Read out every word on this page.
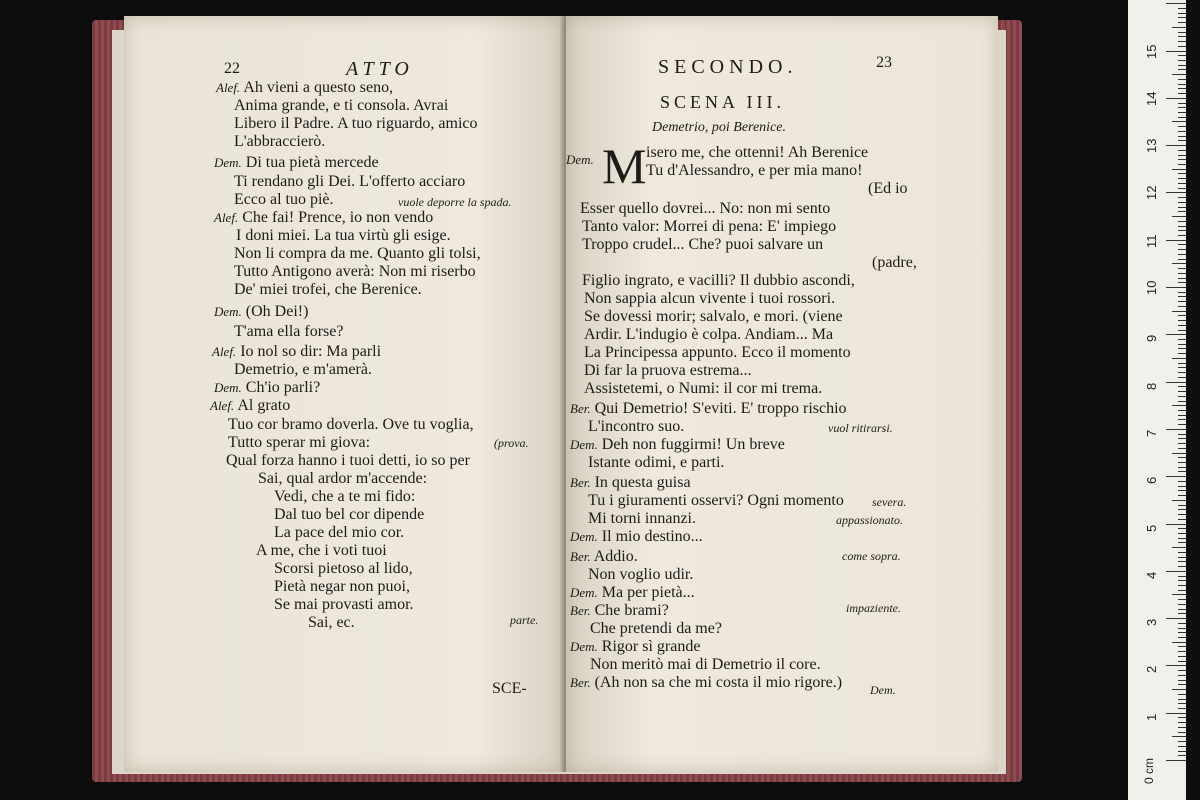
22	ATTO
Alef. Ah vieni a questo seno,
Anima grande, e ti consola. Avrai
Libero il Padre. A tuo riguardo, amico
L'abbraccierò.
Dem. Di tua pietà mercede
Ti rendano gli Dei. L'offerto acciaro
Ecco al tuo piè.
Alef. Che fai! Prence, io non vendo
I doni miei. La tua virtù gli esige.
Non li compra da me. Quanto gli tolsi,
Tutto Antigono averà: Non mi riserbo
De' miei trofei, che Berenice.
Dem. (Oh Dei!)
T'ama ella forse?
Alef. Io nol so dir: Ma parli
Demetrio, e m'amerà.
Dem. Ch'io parli?
Alef. Al grato
Tuo cor bramo doverla. Ove tu voglia,
Tutto sperar mi giova:
Qual forza hanno i tuoi detti, io so per
Sai, qual ardor m'accende:
Vedi, che a te mi fido:
Dal tuo bel cor dipende
La pace del mio cor.
A me, che i voti tuoi
Scorsi pietoso al lido,
Pietà negar non puoi,
Se mai provasti amor.
Sai, ec.
vuole deporre la spada.
(prova.
parte.
SCE-
SECONDO.	23
SCENA III.
Demetrio, poi Berenice.
Dem. M isero me, che ottenni! Ah Berenice
Tu d'Alessandro, e per mia mano!
(Ed io
Esser quello dovrei... No: non mi sento
Tanto valor: Morrei di pena: E' impiego
Troppo crudel... Che? puoi salvare un
(padre,
Figlio ingrato, e vacilli? Il dubbio ascondi,
Non sappia alcun vivente i tuoi rossori.
Se dovessi morir; salvalo, e mori. (viene
Ardir. L'indugio è colpa. Andiam... Ma
La Principessa appunto. Ecco il momento
Di far la pruova estrema...
Assistetemi, o Numi: il cor mi trema.
Ber. Qui Demetrio! S'eviti. E' troppo rischio
L'incontro suo.
Dem. Deh non fuggirmi! Un breve
Istante odimi, e parti.
Ber. In questa guisa
Tu i giuramenti osservi? Ogni momento
Mi torni innanzi.
Dem. Il mio destino...
Ber. Addio.
Non voglio udir.
Dem. Ma per pietà...
Ber. Che brami?
Che pretendi da me?
Dem. Rigor sì grande
Non meritò mai di Demetrio il core.
Ber. (Ah non sa che mi costa il mio rigore.)
vuol ritirarsi.
severa.
appassionato.
come sopra.
impaziente.
Dem.
0 cm
1
2
3
4
5
6
7
8
9
10
11
12
13
14
15
